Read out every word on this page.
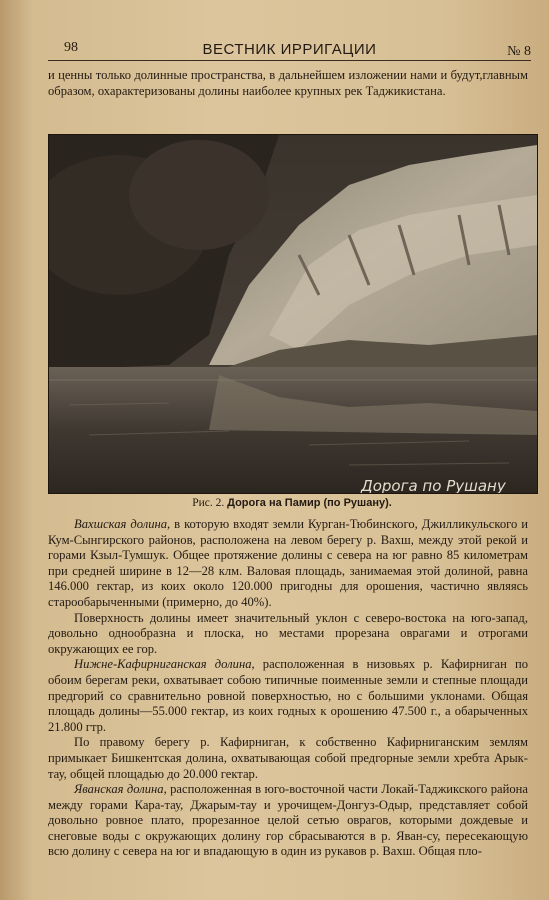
98	ВЕСТНИК ИРРИГАЦИИ	№ 8

и ценны только долинные пространства, в дальнейшем изложении нами и будут,главным образом, охарактеризованы долины наиболее крупных рек Таджикистана.

Дорога по Рушану
Рис. 2. Дорога на Памир (по Рушану).

Вахшская долина, в которую входят земли Курган-Тюбинского, Джилликульского и Кум-Сынгирского районов, расположена на левом берегу р. Вахш, между этой рекой и горами Кзыл-Тумшук. Общее протяжение долины с севера на юг равно 85 километрам при средней ширине в 12—28 клм. Валовая площадь, занимаемая этой долиной, равна 146.000 гектар, из коих около 120.000 пригодны для орошения, частично являясь старообарыченными (примерно, до 40%).

Поверхность долины имеет значительный уклон с северо-востока на юго-запад, довольно однообразна и плоска, но местами прорезана оврагами и отрогами окружающих ее гор.

Нижне-Кафирниганская долина, расположенная в низовьях р. Кафирниган по обоим берегам реки, охватывает собою типичные поименные земли и степные площади предгорий со сравнительно ровной поверхностью, но с большими уклонами. Общая площадь долины—55.000 гектар, из коих годных к орошению 47.500 г., а обарыченных 21.800 гтр.

По правому берегу р. Кафирниган, к собственно Кафирниганским землям примыкает Бишкентская долина, охватывающая собой предгорные земли хребта Арык-тау, общей площадью до 20.000 гектар.

Яванская долина, расположенная в юго-восточной части Локай-Таджикского района между горами Кара-тау, Джарым-тау и урочищем-Донгуз-Одыр, представляет собой довольно ровное плато, прорезанное целой сетью оврагов, которыми дождевые и снеговые воды с окружающих долину гор сбрасываются в р. Яван-су, пересекающую всю долину с севера на юг и впадающую в один из рукавов р. Вахш. Общая пло-
